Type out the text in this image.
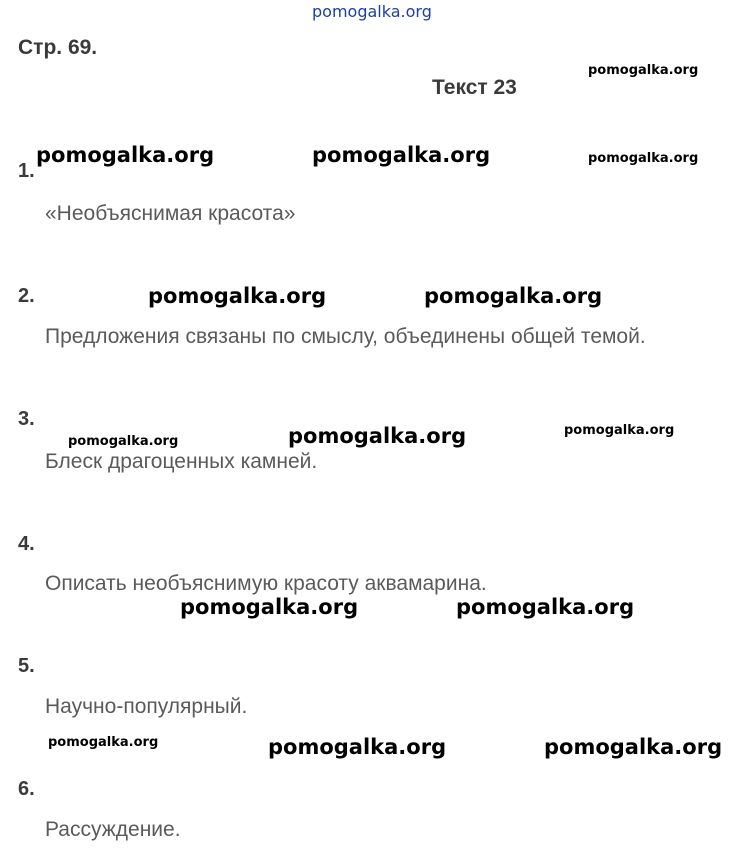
pomogalka.org
Стр. 69.
Текст 23
1.
«Необъяснимая красота»
2.
Предложения связаны по смыслу, объединены общей темой.
3.
Блеск драгоценных камней.
4.
Описать необъяснимую красоту аквамарина.
5.
Научно-популярный.
6.
Рассуждение.
pomogalka.org
pomogalka.org	pomogalka.org	pomogalka.org
pomogalka.org	pomogalka.org
pomogalka.org	pomogalka.org	pomogalka.org
pomogalka.org	pomogalka.org
pomogalka.org	pomogalka.org	pomogalka.org
